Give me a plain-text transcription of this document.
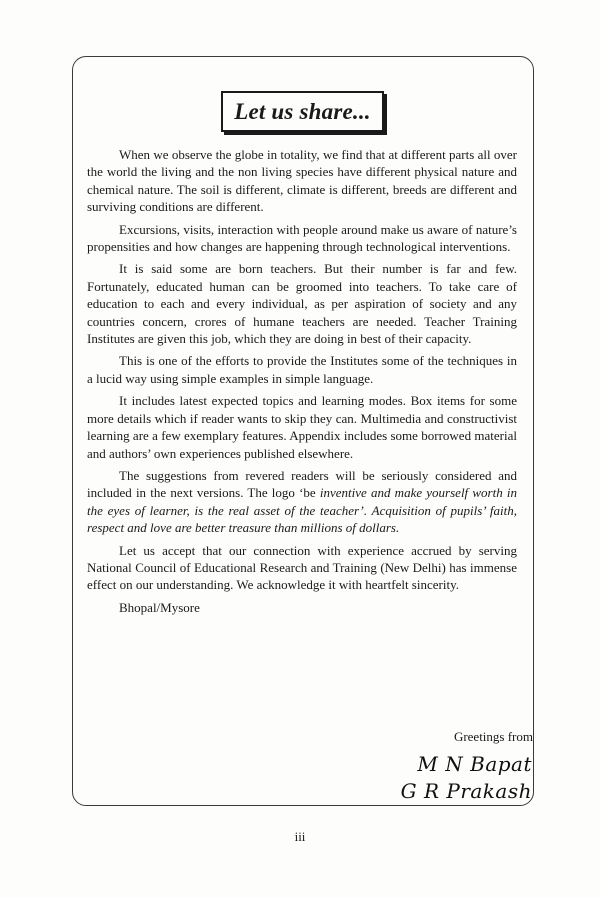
Let us share...

When we observe the globe in totality, we find that at different parts all over the world the living and the non living species have different physical nature and chemical nature. The soil is different, climate is different, breeds are different and surviving conditions are different.

Excursions, visits, interaction with people around make us aware of nature’s propensities and how changes are happening through technological interventions.

It is said some are born teachers. But their number is far and few. Fortunately, educated human can be groomed into teachers. To take care of education to each and every individual, as per aspiration of society and any countries concern, crores of humane teachers are needed. Teacher Training Institutes are given this job, which they are doing in best of their capacity.

This is one of the efforts to provide the Institutes some of the techniques in a lucid way using simple examples in simple language.

It includes latest expected topics and learning modes. Box items for some more details which if reader wants to skip they can. Multimedia and constructivist learning are a few exemplary features. Appendix includes some borrowed material and authors’ own experiences published elsewhere.

The suggestions from revered readers will be seriously considered and included in the next versions. The logo ‘be inventive and make yourself worth in the eyes of learner, is the real asset of the teacher’. Acquisition of pupils’ faith, respect and love are better treasure than millions of dollars.

Let us accept that our connection with experience accrued by serving National Council of Educational Research and Training (New Delhi) has immense effect on our understanding. We acknowledge it with heartfelt sincerity.

Bhopal/Mysore

Greetings from
M N Bapat
G R Prakash
iii
